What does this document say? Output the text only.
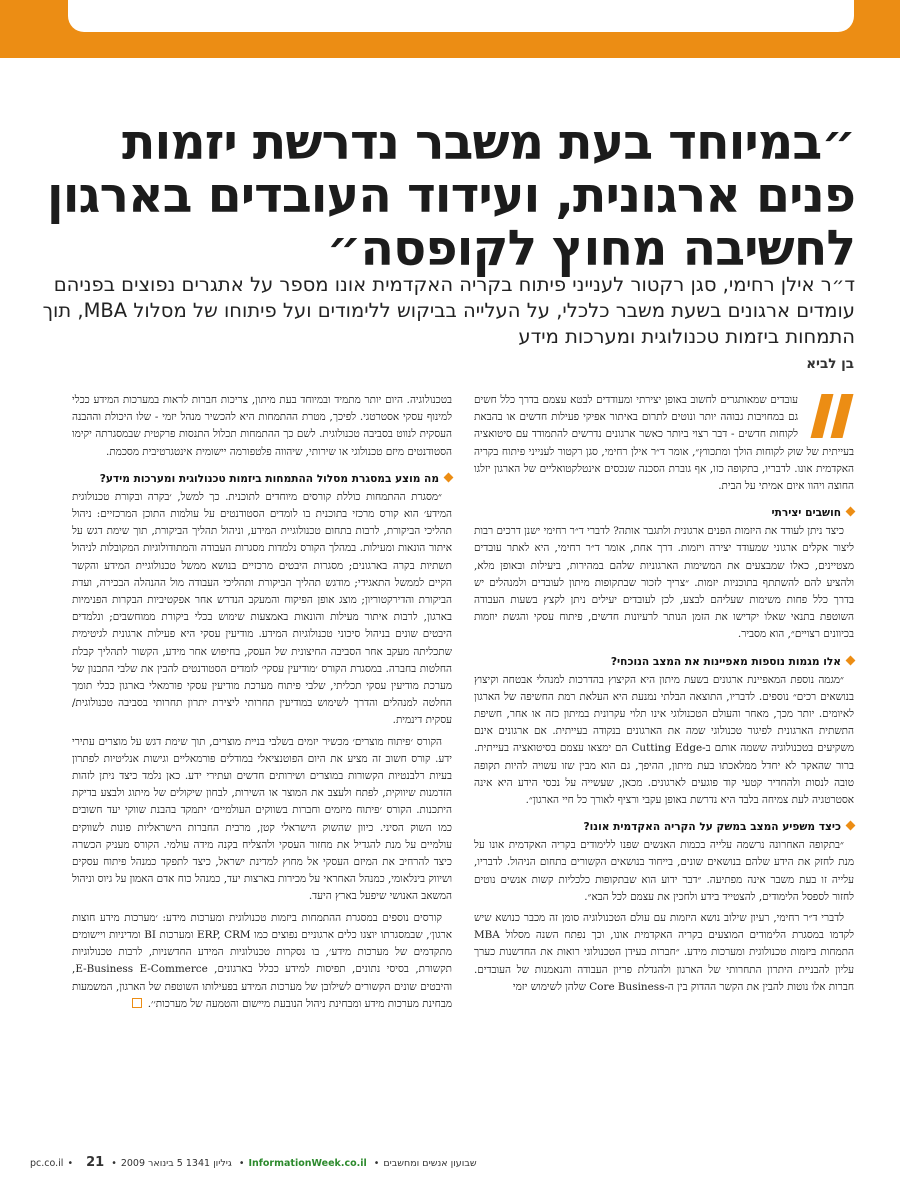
״במיוחד בעת משבר נדרשת יזמות פנים ארגונית, ועידוד העובדים בארגון לחשיבה מחוץ לקופסה״
ד״ר אילן רחימי, סגן רקטור לענייני פיתוח בקריה האקדמית אונו מספר על אתגרים נפוצים בפניהם עומדים ארגונים בשעת משבר כלכלי, על העלייה בביקוש ללימודים ועל פיתוחו של מסלול MBA, תוך התמחות ביזמות טכנולוגית ומערכות מידע
בן לביא

עובדים שמאותגרים לחשוב באופן יצירתי ומעודדים לבטא עצמם בדרך כלל חשים גם במחויבות גבוהה יותר ונוטים לתרום באיתור אפיקי פעילות חדשים או בהבאת לקוחות חדשים - דבר רצוי ביותר כאשר ארגונים נדרשים להתמודד עם סיטואציה בעייתית של שוק לקוחות הולך ומתכווץ״, אומר ד״ר אילן רחימי, סגן רקטור לענייני פיתוח בקריה האקדמית אונו. לדבריו, בתקופה כזו, אף גוברת הסכנה שנכסים אינטלקטואליים של הארגון יזלגו החוצה ויהוו איום אמיתי על הבית.

חושבים יצירתי

כיצד ניתן לעודד את היזמות הפנים ארגונית ולתגבר אותה? לדברי ד״ר רחימי ישנן דרכים רבות ליצור אקלים ארגוני שמעודד יצירה ויזמות. דרך אחת, אומר ד״ר רחימי, היא לאתר עובדים מצטיינים, כאלו שמבצעים את המשימות הארגוניות שלהם במהירות, ביעילות ובאופן מלא, ולהציע להם להשתתף בתוכניות יזמות. ״צריך לזכור שבתקופות מיתון לעובדים ולמנהלים יש בדרך כלל פחות משימות שעליהם לבצע, לכן לעובדים יעילים ניתן לקצץ בשעות העבודה השוטפת בתנאי שאלו יקדישו את הזמן הנותר לרעיונות חדשים, פיתוח עסקי והגשת יוזמות בכיוונים רצויים״, הוא מסביר.

אלו מגמות נוספות מאפיינות את המצב הנוכחי?

״מגמה נוספת המאפיינת ארגונים בשעת מיתון היא הקיצוץ בהדרכות למנהלי אבטחה וקיצוץ בנושאים רכים״ נוספים. לדבריו, התוצאה הבלתי נמנעת היא העלאת רמת החשיפה של הארגון לאיומים. יותר מכך, מאחר והעולם הטכנולוגי אינו תלוי עקרונית במיתון כזה או אחר, חשיפת התשתית הארגונית לפיגור טכנולוגי שמה את הארגונים בנקודה בעייתית. אם ארגונים אינם משקיעים בטכנולוגיה ששמה אותם ב-Cutting Edge הם ימצאו עצמם בסיטואציה בעייתית. ברור שהאקר לא יחדל ממלאכתו בעת מיתון, ההיפך, גם הוא מבין שזו עשויה להיות תקופה טובה לנסות ולהחדיר קטעי קוד פוגעים לארגונים. מכאן, שעשייה על נכסי הידע היא אינה אסטרטגיה לעת צמיחה בלבד היא נדרשת באופן עקבי ורציף לאורך כל חיי הארגון״.

כיצד משפיע המצב במשק על הקריה האקדמית אונו?

״בתקופה האחרונה נרשמה עלייה בכמות האנשים שפנו ללימודים בקריה האקדמית אונו על מנת לחזק את הידע שלהם בנושאים שונים, בייחוד בנושאים הקשורים בתחום הניהול. לדבריו, עלייה זו בעת משבר אינה מפתיעה. ״דבר ידוע הוא שבתקופות כלכליות קשות אנשים נוטים לחזור לספסל הלימודים, להצטייד בידע ולחכין את עצמם לכל הבא״.

לדברי ד״ר רחימי, רעיון שילוב נושא היזמות עם עולם הטכנולוגיה סומן זה מכבר כנושא שיש לקדמו במסגרת הלימודים המוצעים בקריה האקדמית אונו, וכך נפתח השנה מסלול MBA התמחות ביזמות טכנולוגית ומערכות מידע. ״חברות בעידן הטכנולוגי רואות את החדשנות כערך עליון להבניית היתרון התחרותי של הארגון ולהגדלת פריון העבודה והנאמנות של העובדים. חברות אלו נוטות להבין את הקשר ההדוק בין ה-Core Business שלהן לשימוש יזמי

בטכנולוגיה. היום יותר מתמיד ובמיוחד בעת מיתון, צריכות חברות לראות במערכות המידע ככלי למינוף עסקי אסטרטגי. לפיכך, מטרת ההתמחות היא להכשיר מנהל יזמי - שלו היכולת וההבנה העסקית לנווט בסביבה טכנולוגית. לשם כך ההתמחות תכלול התנסות פרקטית שבמסגרתה יקימו הסטודנטים מיזם טכנולוגי או שירותי, שיהווה פלטפורמה יישומית אינטגרטיבית מסכמת.

מה מוצע במסגרת מסלול ההתמחות ביזמות טכנולוגית ומערכות מידע?

״מסגרת ההתמחות כוללת קורסים מיוחדים לתוכנית. כך למשל, ׳בקרה ובקורת טכנולוגית המידע׳ הוא קורס מרכזי בתוכנית בו לומדים הסטודנטים על עולמות התוכן המרכזיים: ניהול תהליכי הביקורת, לרבות בתחום טכנולוגיית המידע, וניהול תהליך הביקורת, תוך שימת דגש על איתור הונאות ומעילות. במהלך הקורס נלמדות מסגרות העבודה והמתודולוגיות המקובלות לניהול תשתיות בקרה בארגונים; מסגרות היבטים מרכזיים בנושא ממשל טכנולוגיית המידע והקשר הקיים לממשל התאגידי; מודגש תהליך הביקורת ותהליכי העבודה מול ההנהלה הבכירה, ועדת הביקורת והדירקטוריון; מוצג אופן הפיקוח והמעקב הנדרש אחר אפקטיביות הבקרות הפנימיות בארגון, לרבות איתור מעילות והונאות באמצעות שימוש בכלי ביקורת ממוחשבים; ונלמדים היבטים שונים בניהול סיכוני טכנולוגיות המידע. מודיעין עסקי היא פעילות ארגונית לגיטימית שתכליתה מעקב אחר הסביבה החיצונית של העסק, בחיפוש אחר מידע, הקשור לתהליך קבלת החלטות בחברה. במסגרת הקורס ׳מודיעין עסקי׳ לומדים הסטודנטים להבין את שלבי התכנון של מערכת מודיעין עסקי תכליתי, שלבי פיתוח מערכת מודיעין עסקי פורמאלי בארגון ככלי תומך החלטה למנהלים והדרך לשימוש במודיעין תחרותי ליצירת יתרון תחרותי בסביבה טכנולוגית/ עסקית דינמית.

הקורס ׳פיתוח מוצרים׳ מכשיר יזמים בשלבי בניית מוצרים, תוך שימת דגש על מוצרים עתירי ידע. קורס חשוב זה מציע את היום הפוטנציאלי במודלים פורמאליים וגישות אנליטיות לפתרון בעיות רלבנטיות הקשורות במוצרים ושירותים חדשים ועתירי ידע. כאן נלמד כיצד ניתן לזהות הזדמנות שיווקית, לפתח ולעצב את המוצר או השירות, לבחון שיקולים של מיתוג ולבצע בדיקת היתכנות. הקורס ׳פיתוח מיזמים וחברות בשווקים העולמיים׳ יתמקד בהבנת שווקי יעד חשובים כמו השוק הסיני. כיוון שהשוק הישראלי קטן, מרבית החברות הישראליות פונות לשווקים עולמיים על מנת להגדיל את מחזור העסקי ולהצליח בקנה מידה עולמי. הקורס מעניק הכשרה כיצד להרחיב את המיזם העסקי אל מחוץ למדינת ישראל, כיצד לתפקד כמנהל פיתוח עסקים ושיווק בינלאומי, כמנהל האחראי על מכירות בארצות יעד, כמנהל כוח אדם האמון על גיוס וניהול המשאב האנושי שיפעל בארץ היעד.

קורסים נוספים במסגרת ההתמחות ביזמות טכנולוגית ומערכות מידע: ׳מערכות מידע חוצות ארגון׳, שבמסגרתו יוצגו כלים ארגוניים נפוצים כמו ERP, CRM ומערכות BI ומדיניות ויישומים מתקדמים של מערכות מידע׳, בו נסקרות טכנולוגיות המידע החדשניות, לרבות טכנולוגיות תקשורת, בסיסי נתונים, תפיסות למידע ככלל בארגונים, E-Business E-Commerce, והיבטים שונים הקשורים לשילובן של מערכות המידע בפעילותו השוטפת של הארגון, המשמעות מבחינת מערכות מידע ומבחינת ניהול הנובעת מיישום והטמעה של מערכות׳׳.

שבועון אנשים ומחשבים• InformationWeek.co.il• גיליון 1341 5 בינואר 2009• pc.co.il • 21
